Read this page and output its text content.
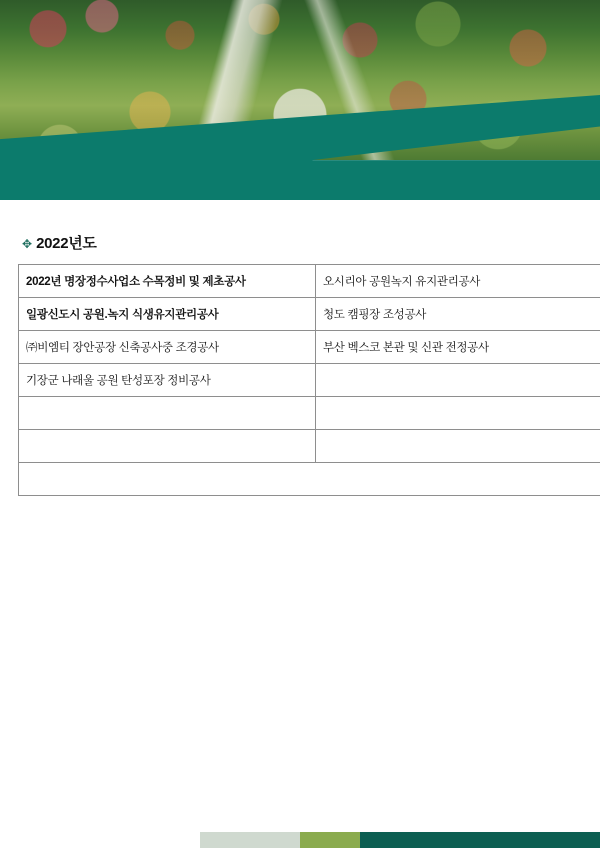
✥ 2022년도
2022년 명장정수사업소 수목정비 및 제초공사	오시리아 공원녹지 유지관리공사
일광신도시 공원.녹지 식생유지관리공사	청도 캠핑장 조성공사
㈜비엠티 장안공장 신축공사중 조경공사	부산 벡스코 본관 및 신관 전정공사
기장군 나래울 공원 탄성포장 정비공사	
